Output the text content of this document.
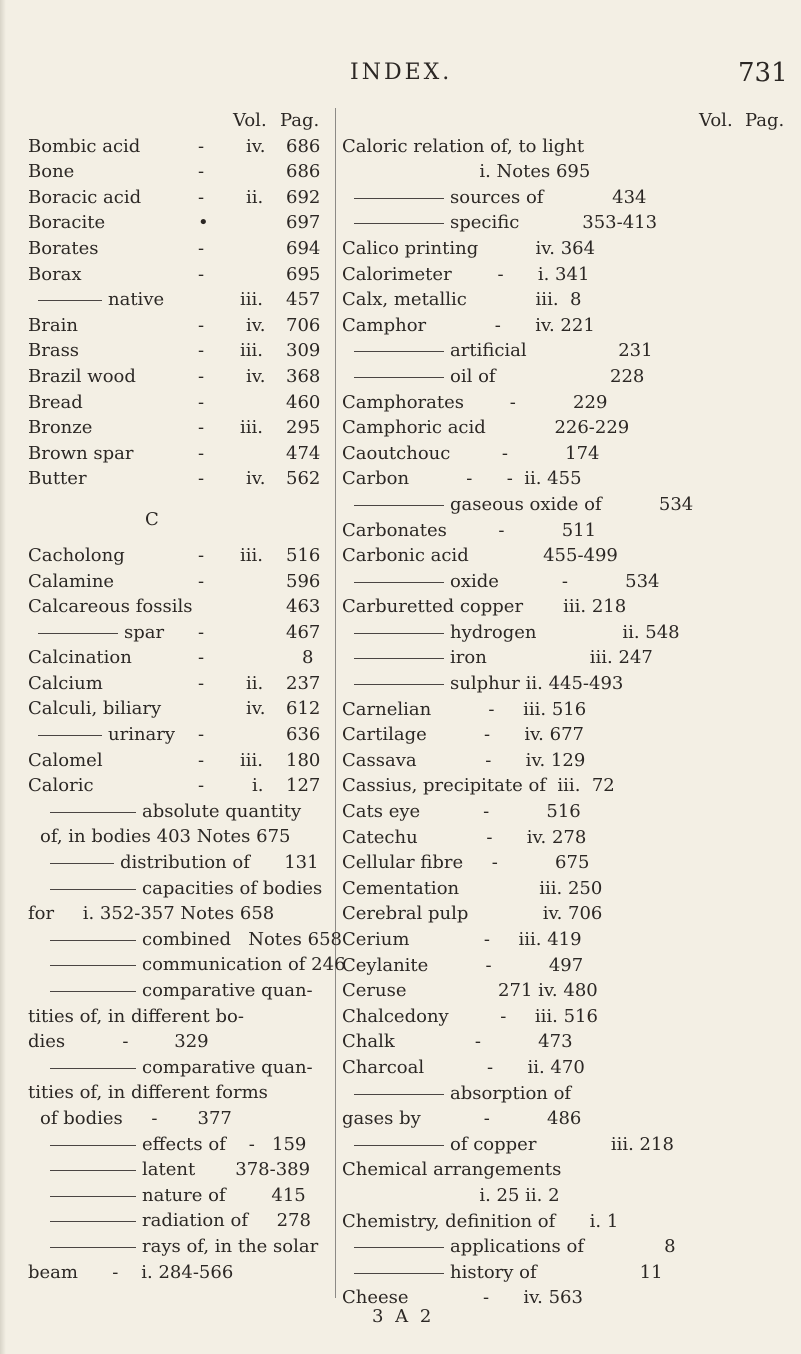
INDEX.	731
Vol. Pag.
Bombic acid	- iv. 686
Bone	-	686
Boracic acid	- ii. 692
Boracite	•	697
Borates	-	694
Borax	-	695
native	iii. 457
Brain	- iv. 706
Brass	- iii. 309
Brazil wood	- iv. 368
Bread	-	460
Bronze	- iii. 295
Brown spar	-	474
Butter	- iv. 562
C
Cacholong	- iii. 516
Calamine	-	596
Calcareous fossils	463
spar -	467
Calcination	-	8
Calcium	- ii. 237
Calculi, biliary	iv. 612
urinary -	636
Calomel	- iii. 180
Caloric	-	i. 127
absolute quantity
of, in bodies 403 Notes 675
distribution of      131
capacities of bodies
for     i. 352-357 Notes 658
combined   Notes 658
communication of 246
comparative quan-
tities of, in different bo-
dies          -        329
comparative quan-
tities of, in different forms
of bodies     -       377
effects of    -   159
latent       378-389
nature of        415
radiation of     278
rays of, in the solar
beam      -    i. 284-566
Vol. Pag.
Caloric relation of, to light
i. Notes 695
sources of            434
specific           353-413
Calico printing          iv. 364
Calorimeter        -      i. 341
Calx, metallic            iii.  8
Camphor            -      iv. 221
artificial                231
oil of                    228
Camphorates        -          229
Camphoric acid            226-229
Caoutchouc         -          174
Carbon          -      -  ii. 455
gaseous oxide of          534
Carbonates         -          511
Carbonic acid             455-499
oxide           -          534
Carburetted copper       iii. 218
hydrogen               ii. 548
iron                  iii. 247
sulphur ii. 445-493
Carnelian          -     iii. 516
Cartilage          -      iv. 677
Cassava            -      iv. 129
Cassius, precipitate of  iii.  72
Cats eye           -          516
Catechu            -      iv. 278
Cellular fibre     -          675
Cementation              iii. 250
Cerebral pulp             iv. 706
Cerium             -     iii. 419
Ceylanite          -          497
Ceruse                271 iv. 480
Chalcedony         -     iii. 516
Chalk              -          473
Charcoal           -      ii. 470
absorption of
gases by           -          486
of copper             iii. 218
Chemical arrangements
i. 25 ii. 2
Chemistry, definition of      i. 1
applications of              8
history of                  11
Cheese             -      iv. 563
3 A 2
